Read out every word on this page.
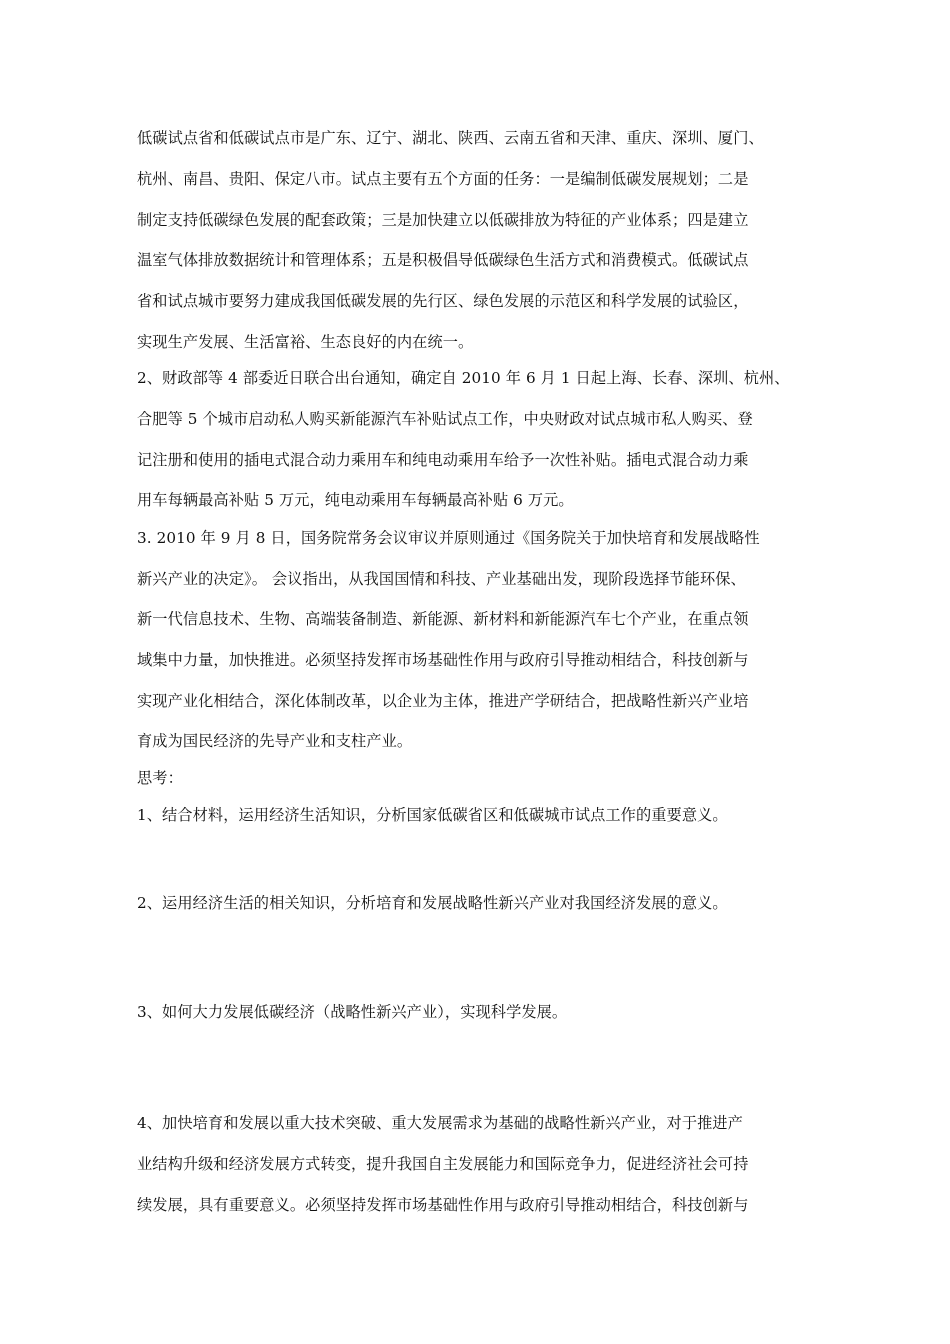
低碳试点省和低碳试点市是广东、辽宁、湖北、陕西、云南五省和天津、重庆、深圳、厦门、
杭州、南昌、贵阳、保定八市。试点主要有五个方面的任务：一是编制低碳发展规划；二是
制定支持低碳绿色发展的配套政策；三是加快建立以低碳排放为特征的产业体系；四是建立
温室气体排放数据统计和管理体系；五是积极倡导低碳绿色生活方式和消费模式。低碳试点
省和试点城市要努力建成我国低碳发展的先行区、绿色发展的示范区和科学发展的试验区，
实现生产发展、生活富裕、生态良好的内在统一。
2、财政部等 4 部委近日联合出台通知，确定自 2010 年 6 月 1 日起上海、长春、深圳、杭州、
合肥等 5 个城市启动私人购买新能源汽车补贴试点工作，中央财政对试点城市私人购买、登
记注册和使用的插电式混合动力乘用车和纯电动乘用车给予一次性补贴。插电式混合动力乘
用车每辆最高补贴 5 万元，纯电动乘用车每辆最高补贴 6 万元。
3. 2010 年 9 月 8 日，国务院常务会议审议并原则通过《国务院关于加快培育和发展战略性
新兴产业的决定》。 会议指出，从我国国情和科技、产业基础出发，现阶段选择节能环保、
新一代信息技术、生物、高端装备制造、新能源、新材料和新能源汽车七个产业，在重点领
域集中力量，加快推进。必须坚持发挥市场基础性作用与政府引导推动相结合，科技创新与
实现产业化相结合，深化体制改革，以企业为主体，推进产学研结合，把战略性新兴产业培
育成为国民经济的先导产业和支柱产业。
思考：
1、结合材料，运用经济生活知识，分析国家低碳省区和低碳城市试点工作的重要意义。
2、运用经济生活的相关知识，分析培育和发展战略性新兴产业对我国经济发展的意义。
3、如何大力发展低碳经济（战略性新兴产业），实现科学发展。
4、加快培育和发展以重大技术突破、重大发展需求为基础的战略性新兴产业，对于推进产
业结构升级和经济发展方式转变，提升我国自主发展能力和国际竞争力，促进经济社会可持
续发展，具有重要意义。必须坚持发挥市场基础性作用与政府引导推动相结合，科技创新与
